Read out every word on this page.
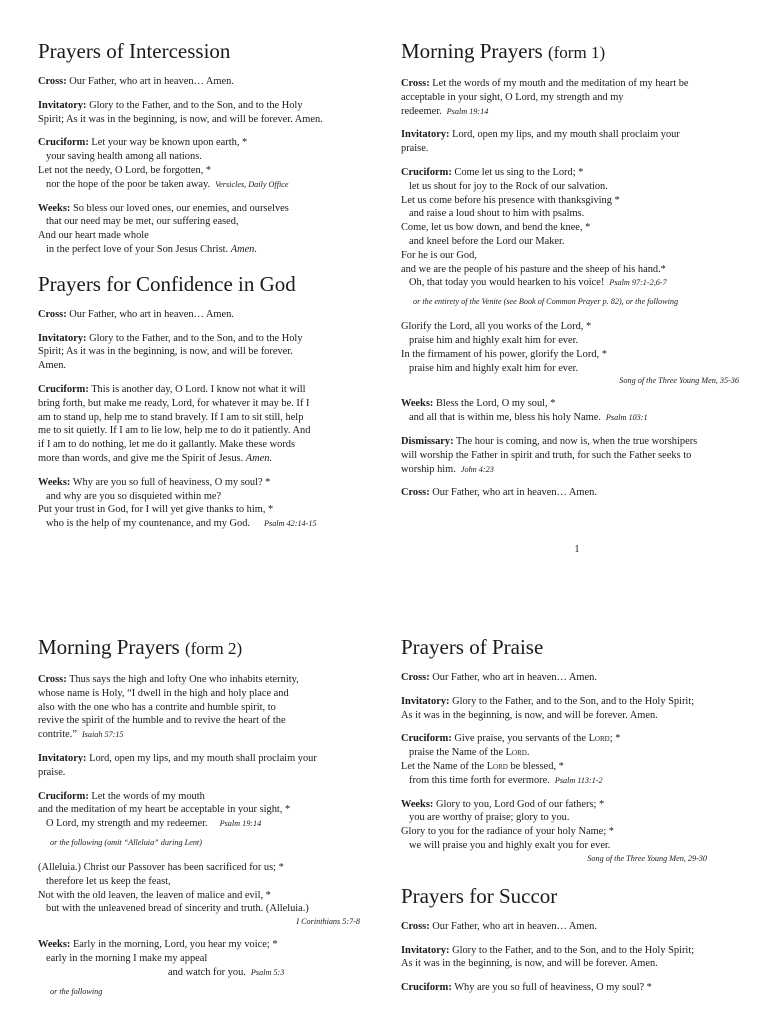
Prayers of Intercession

Cross: Our Father, who art in heaven… Amen.

Invitatory: Glory to the Father, and to the Son, and to the Holy
Spirit; As it was in the beginning, is now, and will be forever. Amen.

Cruciform: Let your way be known upon earth, *
your saving health among all nations.
Let not the needy, O Lord, be forgotten, *
nor the hope of the poor be taken away. Versicles, Daily Office

Weeks: So bless our loved ones, our enemies, and ourselves
that our need may be met, our suffering eased,
And our heart made whole
in the perfect love of your Son Jesus Christ. Amen.

Prayers for Confidence in God

Cross: Our Father, who art in heaven… Amen.

Invitatory: Glory to the Father, and to the Son, and to the Holy
Spirit; As it was in the beginning, is now, and will be forever.
Amen.

Cruciform: This is another day, O Lord. I know not what it will
bring forth, but make me ready, Lord, for whatever it may be. If I
am to stand up, help me to stand bravely. If I am to sit still, help
me to sit quietly. If I am to lie low, help me to do it patiently. And
if I am to do nothing, let me do it gallantly. Make these words
more than words, and give me the Spirit of Jesus. Amen.

Weeks: Why are you so full of heaviness, O my soul? *
and why are you so disquieted within me?
Put your trust in God, for I will yet give thanks to him, *
who is the help of my countenance, and my God. Psalm 42:14-15

Morning Prayers (form 1)

Cross: Let the words of my mouth and the meditation of my heart be
acceptable in your sight, O Lord, my strength and my
redeemer. Psalm 19:14

Invitatory: Lord, open my lips, and my mouth shall proclaim your
praise.

Cruciform: Come let us sing to the Lord; *
let us shout for joy to the Rock of our salvation.
Let us come before his presence with thanksgiving *
and raise a loud shout to him with psalms.
Come, let us bow down, and bend the knee, *
and kneel before the Lord our Maker.
For he is our God,
and we are the people of his pasture and the sheep of his hand.*
Oh, that today you would hearken to his voice! Psalm 97:1-2,6-7

or the entirety of the Venite (see Book of Common Prayer p. 82), or the following

Glorify the Lord, all you works of the Lord, *
praise him and highly exalt him for ever.
In the firmament of his power, glorify the Lord, *
praise him and highly exalt him for ever.
Song of the Three Young Men, 35-36

Weeks: Bless the Lord, O my soul, *
and all that is within me, bless his holy Name. Psalm 103:1

Dismissary: The hour is coming, and now is, when the true worshipers
will worship the Father in spirit and truth, for such the Father seeks to
worship him. John 4:23

Cross: Our Father, who art in heaven… Amen.

1
Morning Prayers (form 2)

Cross: Thus says the high and lofty One who inhabits eternity,
whose name is Holy, “I dwell in the high and holy place and
also with the one who has a contrite and humble spirit, to
revive the spirit of the humble and to revive the heart of the
contrite.” Isaiah 57:15

Invitatory: Lord, open my lips, and my mouth shall proclaim your
praise.

Cruciform: Let the words of my mouth
and the meditation of my heart be acceptable in your sight, *
O Lord, my strength and my redeemer. Psalm 19:14

or the following (omit “Alleluia” during Lent)

(Alleluia.) Christ our Passover has been sacrificed for us; *
therefore let us keep the feast,
Not with the old leaven, the leaven of malice and evil, *
but with the unleavened bread of sincerity and truth. (Alleluia.)
I Corinthians 5:7-8

Weeks: Early in the morning, Lord, you hear my voice; *
early in the morning I make my appeal
and watch for you. Psalm 5:3

or the following
Prayers of Praise

Cross: Our Father, who art in heaven… Amen.

Invitatory: Glory to the Father, and to the Son, and to the Holy Spirit;
As it was in the beginning, is now, and will be forever. Amen.

Cruciform: Give praise, you servants of the Lord; *
praise the Name of the Lord.
Let the Name of the Lord be blessed, *
from this time forth for evermore. Psalm 113:1-2

Weeks: Glory to you, Lord God of our fathers; *
you are worthy of praise; glory to you.
Glory to you for the radiance of your holy Name; *
we will praise you and highly exalt you for ever.
Song of the Three Young Men, 29-30

Prayers for Succor

Cross: Our Father, who art in heaven… Amen.

Invitatory: Glory to the Father, and to the Son, and to the Holy Spirit;
As it was in the beginning, is now, and will be forever. Amen.

Cruciform: Why are you so full of heaviness, O my soul? *
